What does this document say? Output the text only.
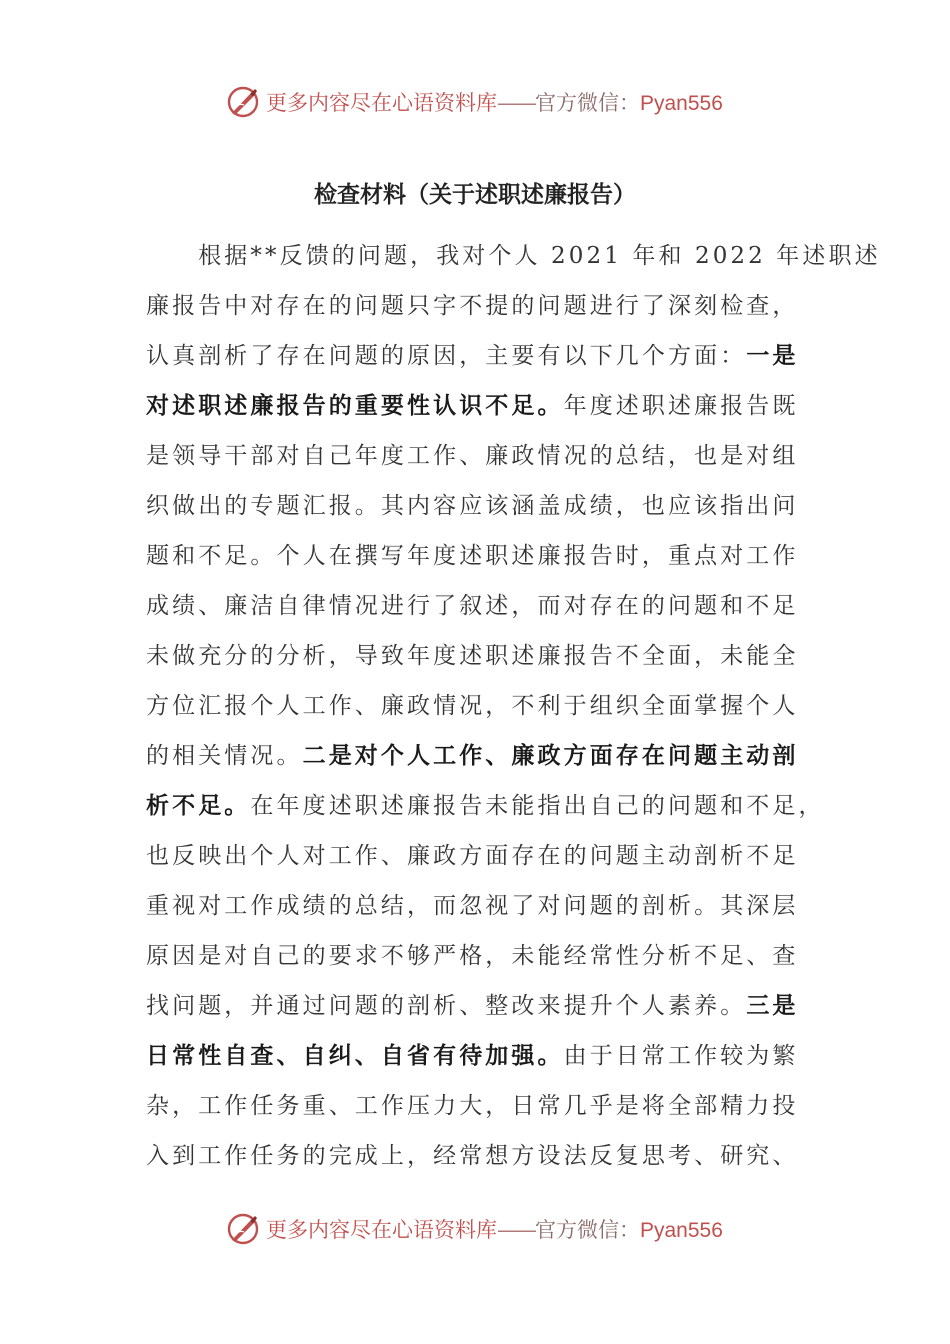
更多内容尽在心语资料库——官方微信：Pyan556
检查材料（关于述职述廉报告）
　　根据**反馈的问题，我对个人 2021 年和 2022 年述职述
廉报告中对存在的问题只字不提的问题进行了深刻检查，
认真剖析了存在问题的原因，主要有以下几个方面：一是
对述职述廉报告的重要性认识不足。年度述职述廉报告既
是领导干部对自己年度工作、廉政情况的总结，也是对组
织做出的专题汇报。其内容应该涵盖成绩，也应该指出问
题和不足。个人在撰写年度述职述廉报告时，重点对工作
成绩、廉洁自律情况进行了叙述，而对存在的问题和不足
未做充分的分析，导致年度述职述廉报告不全面，未能全
方位汇报个人工作、廉政情况，不利于组织全面掌握个人
的相关情况。二是对个人工作、廉政方面存在问题主动剖
析不足。在年度述职述廉报告未能指出自己的问题和不足，
也反映出个人对工作、廉政方面存在的问题主动剖析不足
重视对工作成绩的总结，而忽视了对问题的剖析。其深层
原因是对自己的要求不够严格，未能经常性分析不足、查
找问题，并通过问题的剖析、整改来提升个人素养。三是
日常性自查、自纠、自省有待加强。由于日常工作较为繁
杂，工作任务重、工作压力大，日常几乎是将全部精力投
入到工作任务的完成上，经常想方设法反复思考、研究、
更多内容尽在心语资料库——官方微信：Pyan556
